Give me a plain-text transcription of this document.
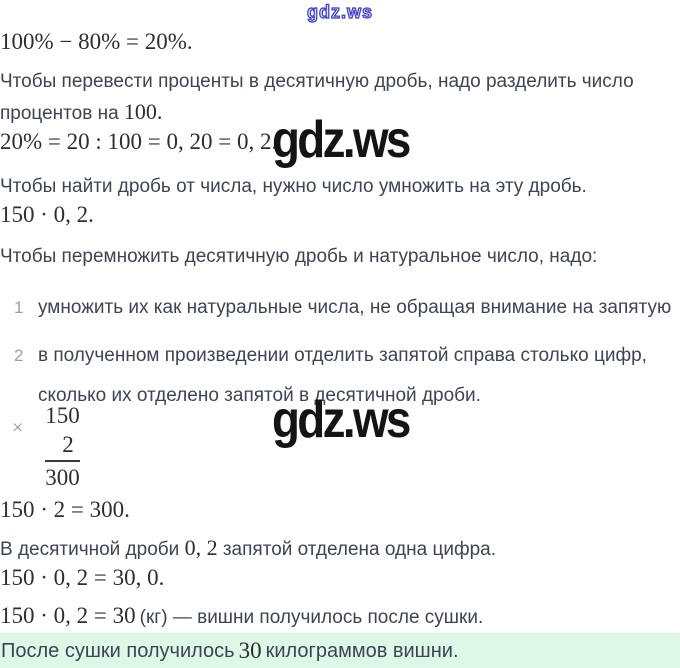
gdz.ws
100% − 80% = 20%.
Чтобы перевести проценты в десятичную дробь, надо разделить число
процентов на 100. gdz.ws
20% = 20 : 100 = 0, 20 = 0, 2.
Чтобы найти дробь от числа, нужно число умножить на эту дробь.
150 · 0, 2.
Чтобы перемножить десятичную дробь и натуральное число, надо:
1 умножить их как натуральные числа, не обращая внимание на запятую
2 в полученном произведении отделить запятой справа столько цифр,
сколько их отделено запятой в десятичной дроби.
gdz.ws
× 150
2
300
150 · 2 = 300.
В десятичной дроби 0, 2 запятой отделена одна цифра.
150 · 0, 2 = 30, 0.
150 · 0, 2 = 30 (кг) — вишни получилось после сушки.
После сушки получилось
30
килограммов вишни.
